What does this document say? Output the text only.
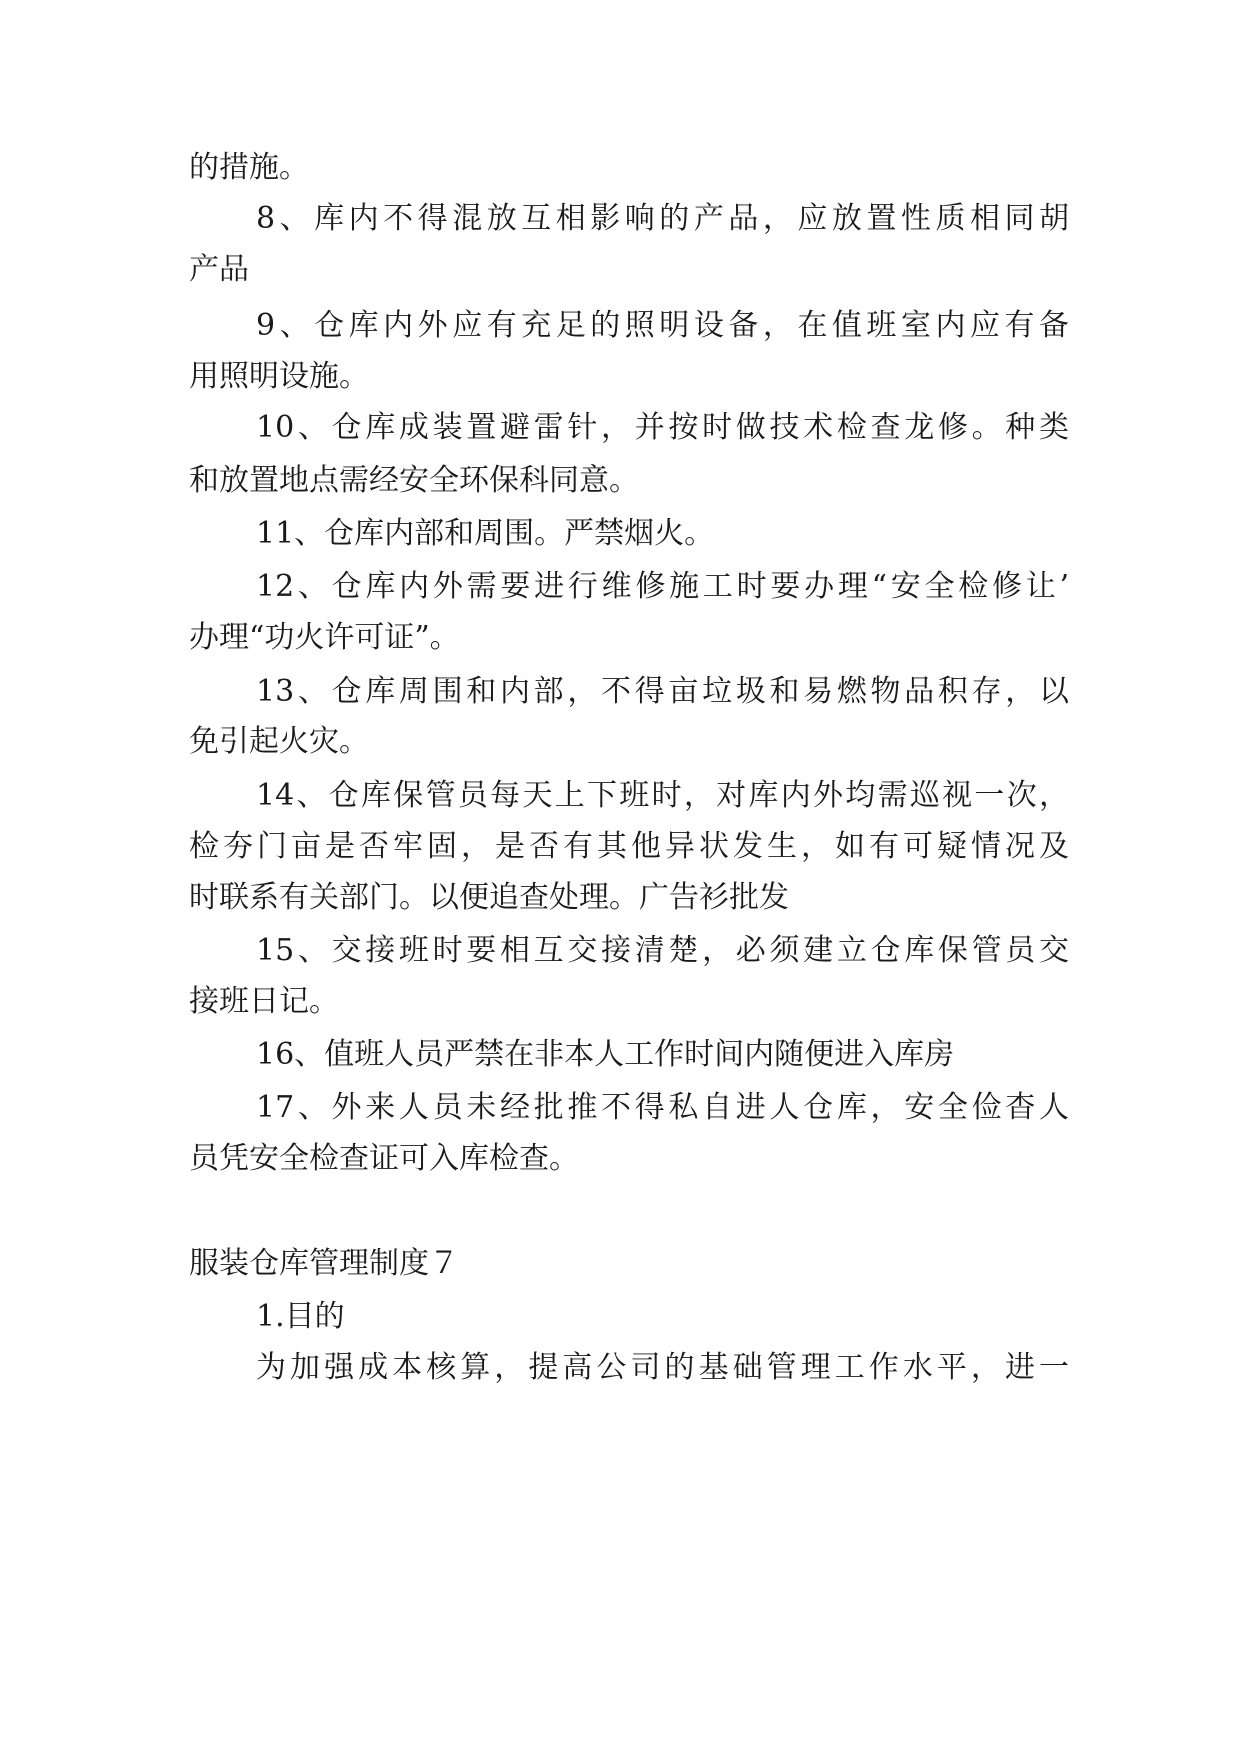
的措施。
8、库内不得混放互相影响的产品，应放置性质相同胡
产品
9、仓库内外应有充足的照明设备，在值班室内应有备
用照明设施。
10、仓库成装置避雷针，并按时做技术检查龙修。种类
和放置地点需经安全环保科同意。
11、仓库内部和周围。严禁烟火。
12、仓库内外需要进行维修施工时要办理“安全检修让’
办理“功火许可证”。
13、仓库周围和内部，不得亩垃圾和易燃物品积存，以
免引起火灾。
14、仓库保管员每天上下班时，对库内外均需巡视一次，
检夯门亩是否牢固，是否有其他异状发生，如有可疑情况及
时联系有关部门。以便追查处理。广告衫批发
15、交接班时要相互交接清楚，必须建立仓库保管员交
接班日记。
16、值班人员严禁在非本人工作时间内随便进入库房
17、外来人员未经批推不得私自进人仓库，安全俭杳人
员凭安全检查证可入库检查。
服装仓库管理制度７
1.目的
为加强成本核算，提高公司的基础管理工作水平，进一
